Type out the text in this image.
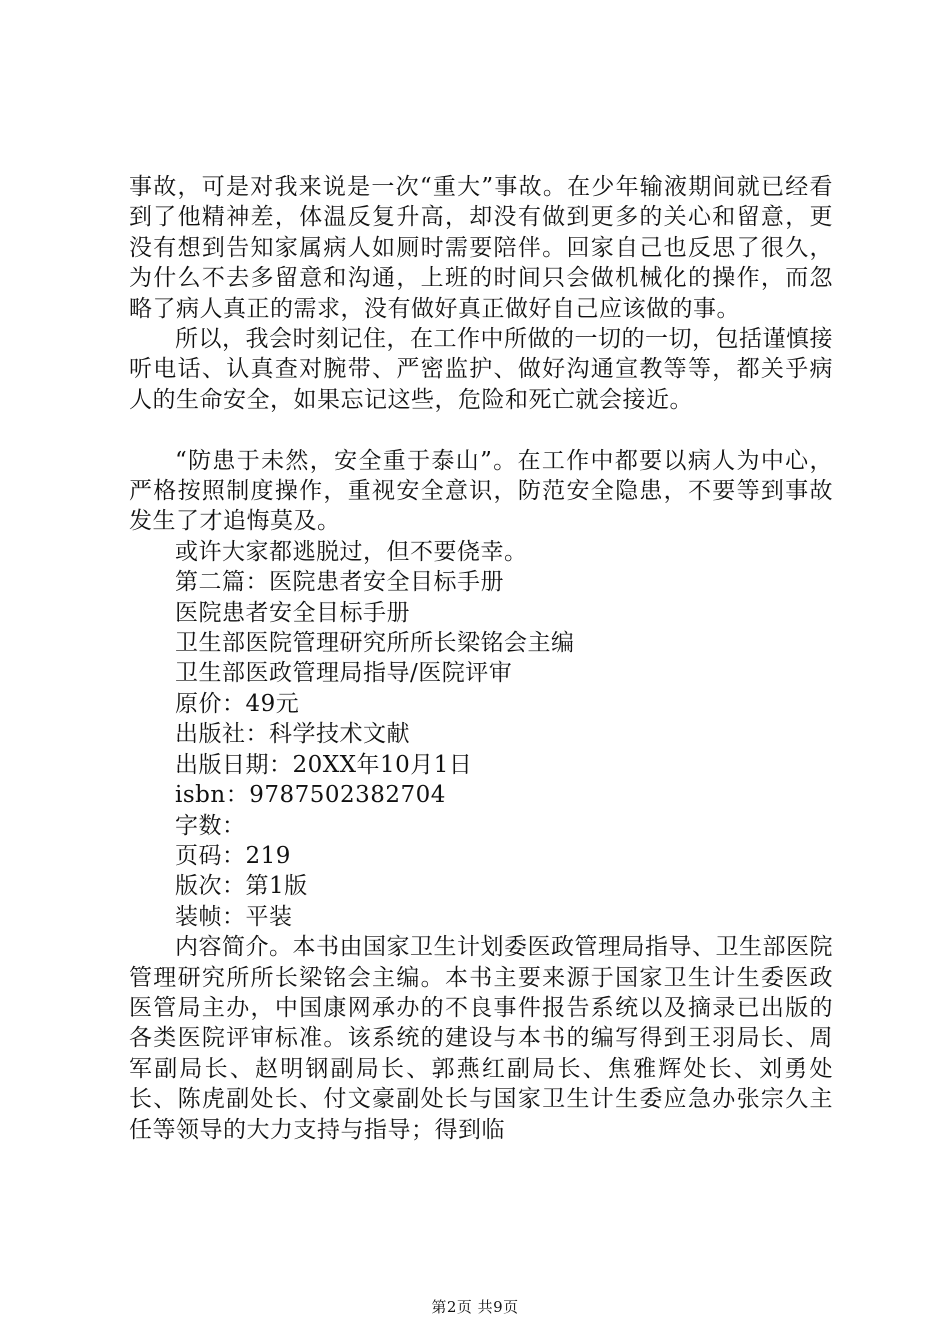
事故，可是对我来说是一次“重大”事故。在少年输液期间就已经看到了他精神差，体温反复升高，却没有做到更多的关心和留意，更没有想到告知家属病人如厕时需要陪伴。回家自己也反思了很久，为什么不去多留意和沟通，上班的时间只会做机械化的操作，而忽略了病人真正的需求，没有做好真正做好自己应该做的事。

所以，我会时刻记住，在工作中所做的一切的一切，包括谨慎接听电话、认真查对腕带、严密监护、做好沟通宣教等等，都关乎病人的生命安全，如果忘记这些，危险和死亡就会接近。

“防患于未然，安全重于泰山”。在工作中都要以病人为中心，严格按照制度操作，重视安全意识，防范安全隐患，不要等到事故发生了才追悔莫及。

或许大家都逃脱过，但不要侥幸。

第二篇：医院患者安全目标手册

医院患者安全目标手册

卫生部医院管理研究所所长梁铭会主编

卫生部医政管理局指导/医院评审

原价：49元

出版社：科学技术文献

出版日期：20XX年10月1日

isbn：9787502382704

字数：

页码：219

版次：第1版

装帧：平装

内容简介。本书由国家卫生计划委医政管理局指导、卫生部医院管理研究所所长梁铭会主编。本书主要来源于国家卫生计生委医政医管局主办，中国康网承办的不良事件报告系统以及摘录已出版的各类医院评审标准。该系统的建设与本书的编写得到王羽局长、周军副局长、赵明钢副局长、郭燕红副局长、焦雅辉处长、刘勇处长、陈虎副处长、付文豪副处长与国家卫生计生委应急办张宗久主任等领导的大力支持与指导；得到临

第2页 共9页
